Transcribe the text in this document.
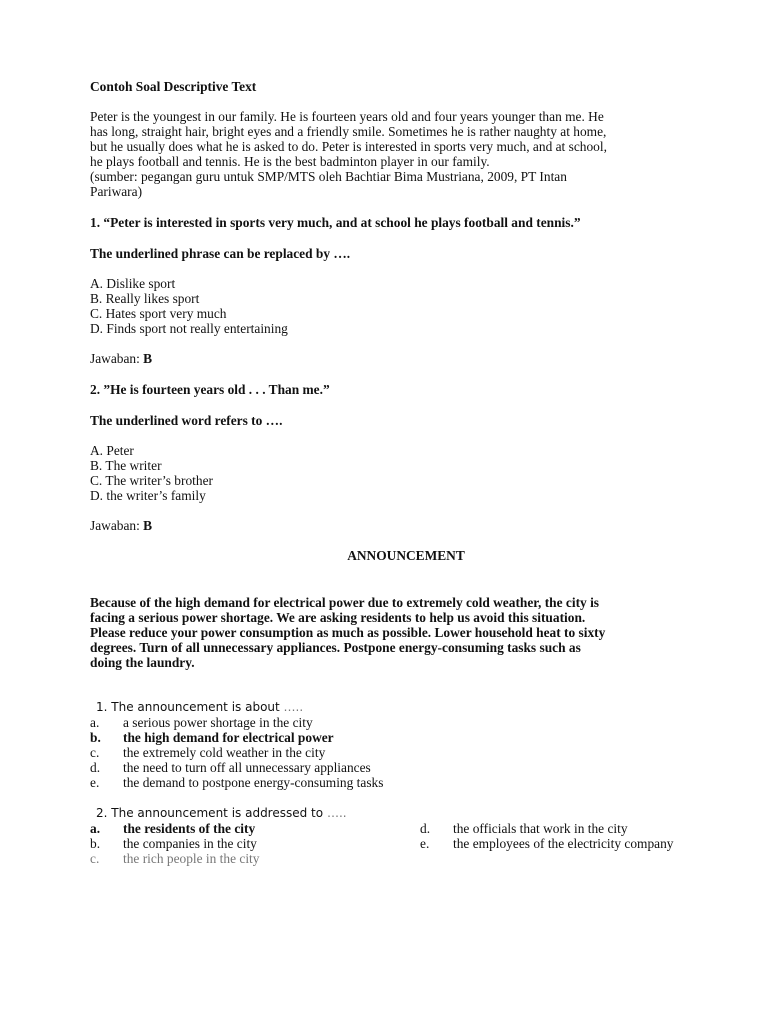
Contoh Soal Descriptive Text

Peter is the youngest in our family. He is fourteen years old and four years younger than me. He

has long, straight hair, bright eyes and a friendly smile. Sometimes he is rather naughty at home,

but he usually does what he is asked to do. Peter is interested in sports very much, and at school,

he plays football and tennis. He is the best badminton player in our family.

(sumber: pegangan guru untuk SMP/MTS oleh Bachtiar Bima Mustriana, 2009, PT Intan

Pariwara)

1. “Peter is interested in sports very much, and at school he plays football and tennis.”

The underlined phrase can be replaced by ….

A. Dislike sport

B. Really likes sport

C. Hates sport very much

D. Finds sport not really entertaining

Jawaban: B

2. ”He is fourteen years old . . . Than me.”

The underlined word refers to ….

A. Peter

B. The writer

C. The writer’s brother

D. the writer’s family

Jawaban: B

ANNOUNCEMENT

Because of the high demand for electrical power due to extremely cold weather, the city is

facing a serious power shortage. We are asking residents to help us avoid this situation.

Please reduce your power consumption as much as possible. Lower household heat to sixty

degrees. Turn of all unnecessary appliances. Postpone energy-consuming tasks such as

doing the laundry.

1. The announcement is about …..

a. a serious power shortage in the city
b. the high demand for electrical power
c. the extremely cold weather in the city
d. the need to turn off all unnecessary appliances
e. the demand to postpone energy-consuming tasks

2. The announcement is addressed to …..

a. the residents of the city
b. the companies in the city
c. the rich people in the city
d. the officials that work in the city
e. the employees of the electricity company
